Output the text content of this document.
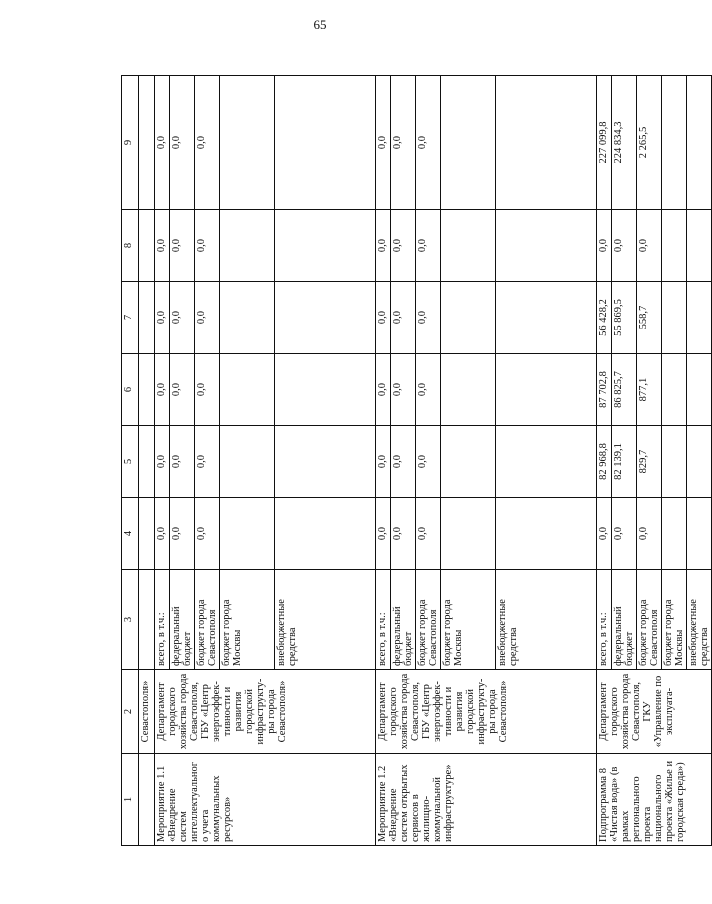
65
1	2	3	4	5	6	7	8	9
	Севастополя»							
Мероприятие 1.1 «Внедрение систем интеллектуального учета коммунальных ресурсов»	Департамент городского хозяйства города Севастополя, ГБУ «Центр энергоэффек-тивности и развития городской инфраструкту-ры города Севастополя»	всего, в т.ч.:	0,0	0,0	0,0	0,0	0,0	0,0
		федеральный бюджет	0,0	0,0	0,0	0,0	0,0	0,0
		бюджет города Севастополя	0,0	0,0	0,0	0,0	0,0	0,0
		бюджет города Москвы						
		внебюджетные средства						
Мероприятие 1.2 «Внедрение систем открытых сервисов в жилищно-коммунальной инфраструктуре»	Департамент городского хозяйства города Севастополя, ГБУ «Центр энергоэффек-тивности и развития городской инфраструкту-ры города Севастополя»	всего, в т.ч.:	0,0	0,0	0,0	0,0	0,0	0,0
		федеральный бюджет	0,0	0,0	0,0	0,0	0,0	0,0
		бюджет города Севастополя	0,0	0,0	0,0	0,0	0,0	0,0
		бюджет города Москвы						
		внебюджетные средства						
Подпрограмма 8 «Чистая вода» (в рамках регионального проекта национального проекта «Жилье и городская среда»)	Департамент городского хозяйства города Севастополя, ГКУ «Управление по эксплуата-	всего, в т.ч.:	0,0	82 968,8	87 702,8	56 428,2	0,0	227 099,8
		федеральный бюджет	0,0	82 139,1	86 825,7	55 869,5	0,0	224 834,3
		бюджет города Севастополя	0,0	829,7	877,1	558,7	0,0	2 265,5
		бюджет города Москвы						
		внебюджетные средства						
